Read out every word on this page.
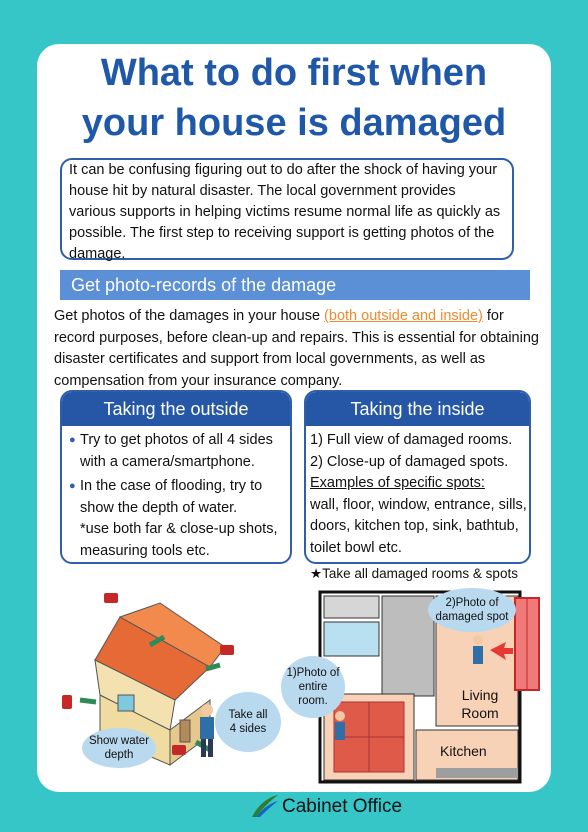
What to do first when
your house is damaged
It can be confusing figuring out to do after the shock of having your house hit by natural disaster. The local government provides various supports in helping victims resume normal life as quickly as possible. The first step to receiving support is getting photos of the damage.
Get photo-records of the damage
Get photos of the damages in your house (both outside and inside) for record purposes, before clean-up and repairs. This is essential for obtaining disaster certificates and support from local governments, as well as compensation from your insurance company.
Taking the outside
● Try to get photos of all 4 sides with a camera/smartphone.
● In the case of flooding, try to show the depth of water.
*use both far & close-up shots, measuring tools etc.
Taking the inside
1) Full view of damaged rooms.
2) Close-up of damaged spots.
Examples of specific spots:
wall, floor, window, entrance, sills, doors, kitchen top, sink, bathtub, toilet bowl etc.
★Take all damaged rooms & spots
Take all
4 sides
Show water
depth
1)Photo of
entire
room.
2)Photo of
damaged spot
Living
Room
Kitchen
Cabinet Office
